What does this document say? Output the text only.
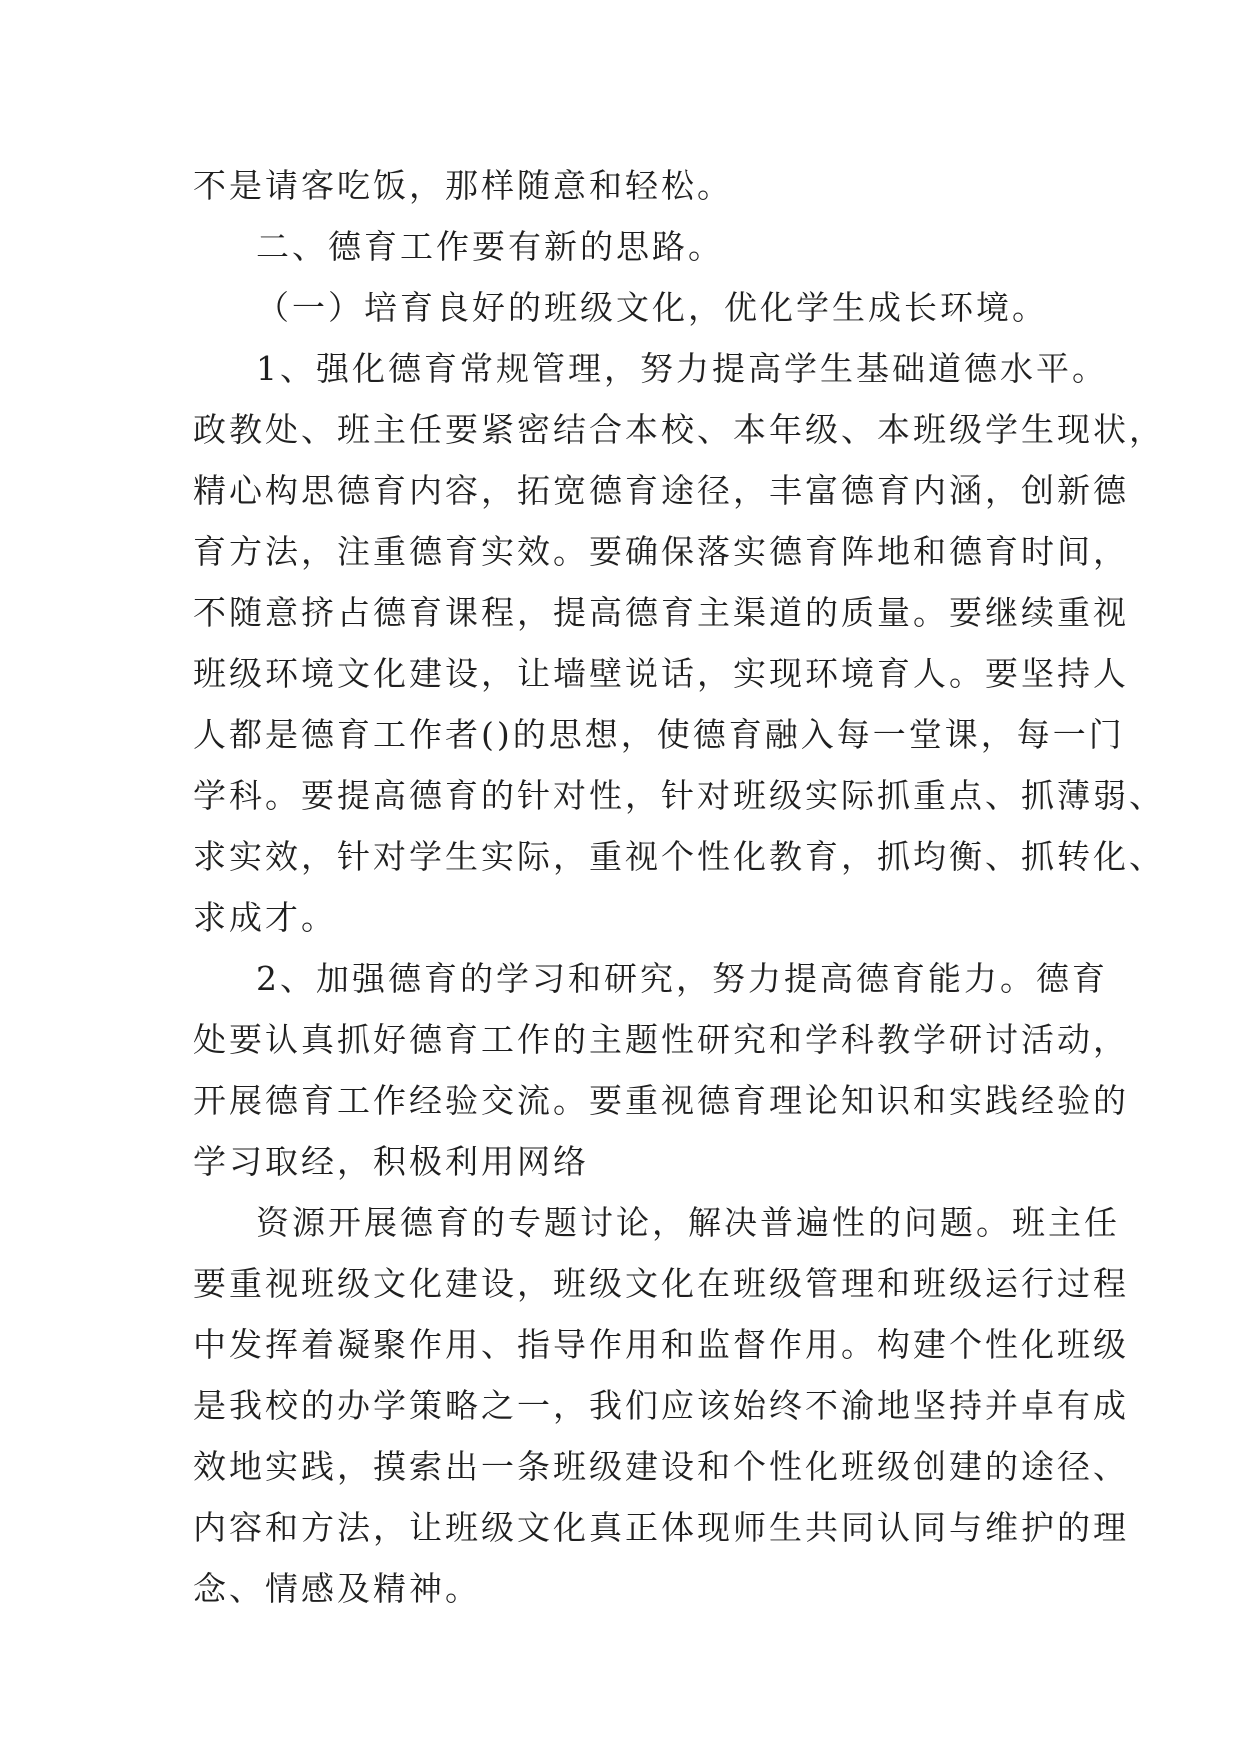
不是请客吃饭，那样随意和轻松。
二、德育工作要有新的思路。
（一）培育良好的班级文化，优化学生成长环境。
1、强化德育常规管理，努力提高学生基础道德水平。
政教处、班主任要紧密结合本校、本年级、本班级学生现状，
精心构思德育内容，拓宽德育途径，丰富德育内涵，创新德
育方法，注重德育实效。要确保落实德育阵地和德育时间，
不随意挤占德育课程，提高德育主渠道的质量。要继续重视
班级环境文化建设，让墙壁说话，实现环境育人。要坚持人
人都是德育工作者()的思想，使德育融入每一堂课，每一门
学科。要提高德育的针对性，针对班级实际抓重点、抓薄弱、
求实效，针对学生实际，重视个性化教育，抓均衡、抓转化、
求成才。
2、加强德育的学习和研究，努力提高德育能力。德育
处要认真抓好德育工作的主题性研究和学科教学研讨活动，
开展德育工作经验交流。要重视德育理论知识和实践经验的
学习取经，积极利用网络
资源开展德育的专题讨论，解决普遍性的问题。班主任
要重视班级文化建设，班级文化在班级管理和班级运行过程
中发挥着凝聚作用、指导作用和监督作用。构建个性化班级
是我校的办学策略之一，我们应该始终不渝地坚持并卓有成
效地实践，摸索出一条班级建设和个性化班级创建的途径、
内容和方法，让班级文化真正体现师生共同认同与维护的理
念、情感及精神。
